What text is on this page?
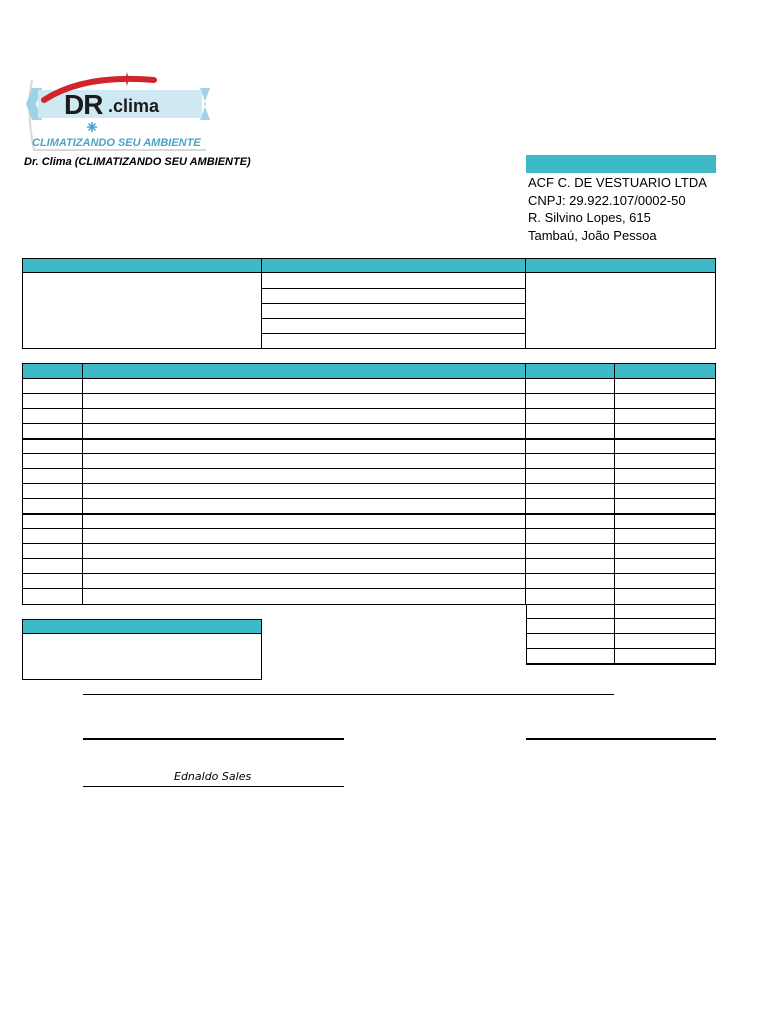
DR .clima
CLIMATIZANDO SEU AMBIENTE
Dr. Clima (CLIMATIZANDO SEU AMBIENTE)
ACF C. DE VESTUARIO LTDA
CNPJ: 29.922.107/0002-50
R. Silvino Lopes, 615
Tambaú, João Pessoa
Ednaldo Sales
